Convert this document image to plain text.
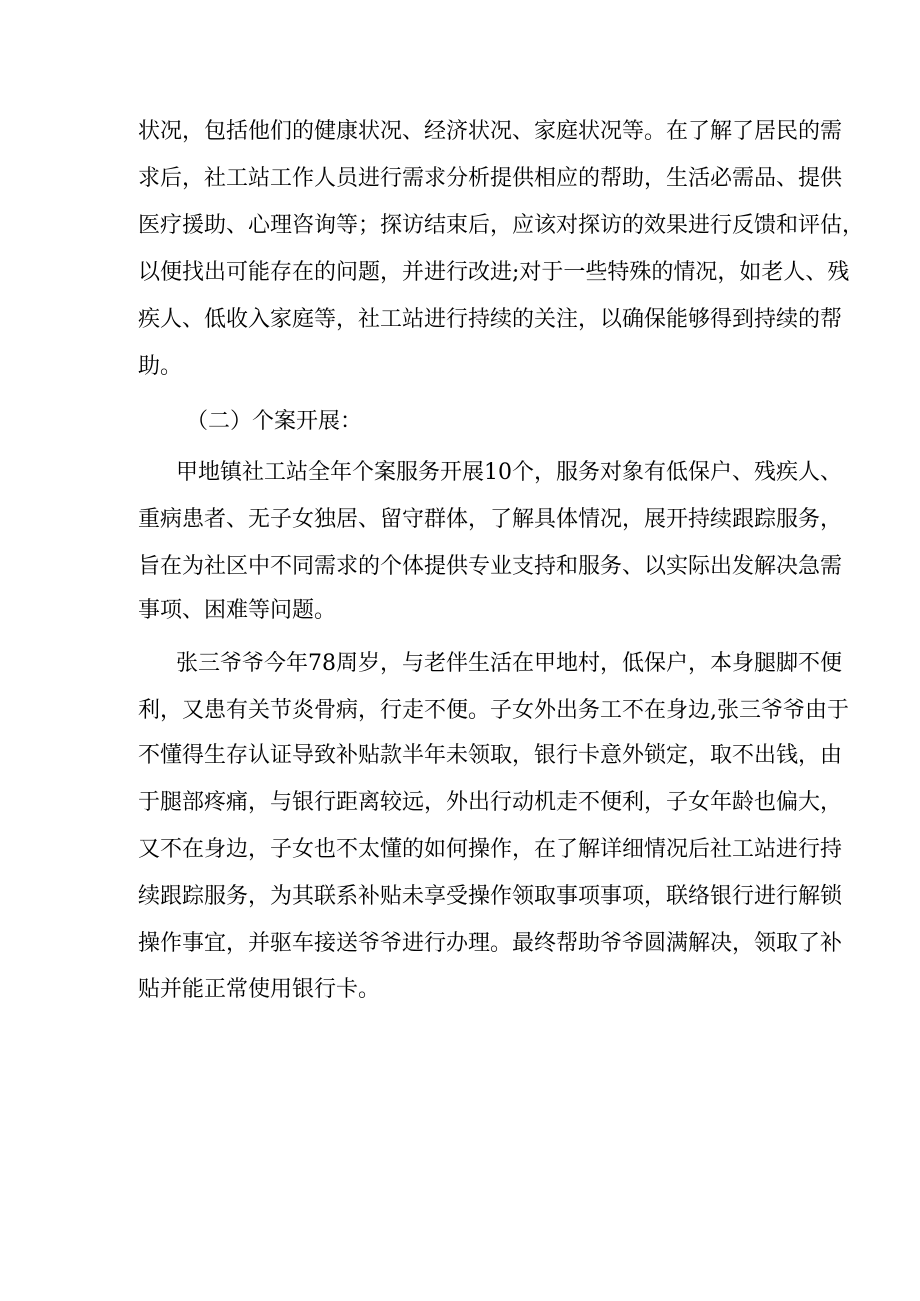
状况，包括他们的健康状况、经济状况、家庭状况等。在了解了居民的需
求后，社工站工作人员进行需求分析提供相应的帮助，生活必需品、提供
医疗援助、心理咨询等；探访结束后，应该对探访的效果进行反馈和评估，
以便找出可能存在的问题，并进行改进;对于一些特殊的情况，如老人、残
疾人、低收入家庭等，社工站进行持续的关注，以确保能够得到持续的帮
助。
（二）个案开展：
甲地镇社工站全年个案服务开展10个，服务对象有低保户、残疾人、
重病患者、无子女独居、留守群体，了解具体情况，展开持续跟踪服务，
旨在为社区中不同需求的个体提供专业支持和服务、以实际出发解决急需
事项、困难等问题。
张三爷爷今年78周岁，与老伴生活在甲地村，低保户，本身腿脚不便
利，又患有关节炎骨病，行走不便。子女外出务工不在身边,张三爷爷由于
不懂得生存认证导致补贴款半年未领取，银行卡意外锁定，取不出钱，由
于腿部疼痛，与银行距离较远，外出行动机走不便利，子女年龄也偏大，
又不在身边，子女也不太懂的如何操作，在了解详细情况后社工站进行持
续跟踪服务，为其联系补贴未享受操作领取事项事项，联络银行进行解锁
操作事宜，并驱车接送爷爷进行办理。最终帮助爷爷圆满解决，领取了补
贴并能正常使用银行卡。
